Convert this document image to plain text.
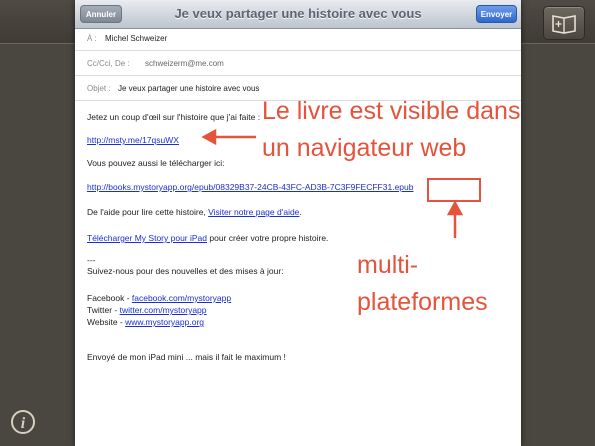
i
Je veux partager une histoire avec vous
Annuler	Envoyer
À : Michel Schweizer
Cc/Cci, De : schweizerm@me.com
Objet : Je veux partager une histoire avec vous
Jetez un coup d'œil sur l'histoire que j'ai faite :
http://msty.me/17qsuWX
Vous pouvez aussi le télécharger ici:
http://books.mystoryapp.org/epub/08329B37-24CB-43FC-AD3B-7C3F9FECFF31.epub
De l'aide pour lire cette histoire, Visiter notre page d'aide.
Télécharger My Story pour iPad pour créer votre propre histoire.
---
Suivez-nous pour des nouvelles et des mises à jour:
Facebook - facebook.com/mystoryapp
Twitter - twitter.com/mystoryapp
Website - www.mystoryapp.org
Envoyé de mon iPad mini ... mais il fait le maximum !
Le livre est visible dans
un navigateur web
multi-
plateformes
